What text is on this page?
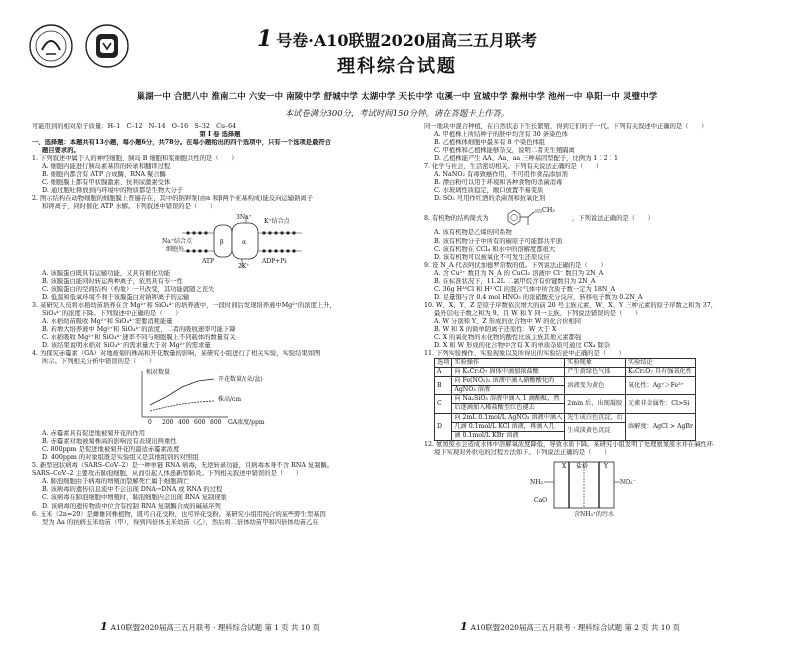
1 号卷·A10联盟2020届高三五月联考
理科综合试题
巢湖一中 合肥八中 淮南二中 六安一中 南陵中学 舒城中学 太湖中学 天长中学 屯溪一中 宣城中学 滁州中学 池州一中 阜阳一中 灵璧中学
本试卷满分300分，考试时间150分钟。请在答题卡上作答。

可能用到的相对原子质量：H–1　C–12　N–14　O–16　S–32　Cu–64

第 Ⅰ 卷 选择题

一、选择题：本题共有13小题，每小题6分，共78分。在每小题给出的四个选项中，只有一个选项是最符合

题目要求的。

1. 下列叙述中属于人的神经细胞、胰岛 B 细胞和浆细胞共性的是（　　）

A. 细胞内能进行胰岛素基因的转录和翻译过程

B. 细胞内都含有 ATP 合成酶、RNA 聚合酶

C. 细胞膜上都有甲状腺激素、抗利尿激素受体

D. 通过胞吐释放到内环境中的物质都是生物大分子

2. 图示结构在动物细胞的细胞膜上普遍存在，其中的钠钾泵(由α 和β两个亚基构成)能反向运输钠离子

和钾离子，同时催化 ATP 水解。下列叙述中错误的是（　　）

β	α
3Na⁺
K⁺结合点
Na⁺结合点
细胞外
ATP	ADP+Pi
2K⁺

A. 该膜蛋白既具有运输功能，又具有催化功能

B. 该膜蛋白能同时转运两种离子，依然具有专一性

C. 该膜蛋白的空间结构（构象）一旦改变，其功能就随之丧失

D. 低温和低氧环境不利于该膜蛋白对钠钾离子的运输

3. 某研究人员将水稻幼苗培养在含 Mg²⁺和 SiO₄⁴⁻的培养液中，一段时间后发现培养液中Mg²⁺的浓度上升，

SiO₄⁴⁻的浓度下降。下列叙述中正确的是（　　）

A. 水稻幼苗吸收 Mg²⁺和 SiO₄⁴⁻需要消耗能量

B. 若增大培养液中 Mg²⁺和 SiO₄⁴⁻的浓度，二者的吸收速率可能下降

C. 水稻吸收 Mg²⁺和 SiO₄⁴⁻速率不同与细胞膜上不同载体的数量有关

D. 该结果说明水稻对 SiO₄⁴⁻的需求量大于对 Mg²⁺的需求量

4. 为探究赤霉素（GA）对地被菊的株高和开花数量的影响，某研究小组进行了相关实验，实验结果如图

所示。下列相关分析中错误的是（　　）

相对数量
开花数量/(朵/盆)
株高/cm
0 200 400 600 800 GA浓度/ppm

A. 赤霉素具有促进地被菊开花的作用

B. 赤霉素对地被菊株高的影响没有表现出两重性

C. 800ppm 是促进地被菊开花的最适赤霉素浓度

D. 400ppm 的对象组既是实验组又是其他组别的对照组

5. 新型冠状病毒（SARS–CoV–2）是一种单链 RNA 病毒，无逆转录功能，且病毒本身不含 RNA 复制酶。

SARS–CoV–2 主要攻击肺泡细胞，从而引起人体患新型肺炎。下列相关叙述中错误的是（　　）

A. 肺泡细胞由于病毒的增殖而裂解死亡属于细胞凋亡

B. 该病毒的遗传信息流中不会出现 DNA→DNA 或 RNA 的过程

C. 该病毒在肺泡细胞中增殖时，肺泡细胞内会出现 RNA 复制现象

D. 该病毒的遗传物质中位含有控制 RNA 复制酶合成的碱基序列

6. 玉米（2n=20）是雌雄同株植物，既可自花受粉，也可异花受粉。某研究小组用纯合的某些野生型基因

型为 Aa 的抗病玉米幼苗（甲），得到四倍体玉米幼苗（乙），然后将二倍体幼苗甲和四倍体幼苗乙在

同一地块中混合种植，在自然状态下生长繁殖，得到它们的子一代。下列有关叙述中正确的是（　　）

A. 甲植株上所结种子的胚中均含有 30 条染色体

B. 乙植株体细胞中最多有 8 个染色体组

C. 甲植株和乙植株能够杂交，说明二者无生殖隔离

D. 乙植株能产生 AA、Aa、aa 三种基因型配子，比例为 1︰2︰1

7. 化学与社会、生活密切相关。下列有关说法正确的是（　　）

A. NaNO₂ 有毒致癌作用，不可用作食品添加剂

B. 漂白粉可以用于环境和各种食物的杀菌消毒

C. 水玻璃性质稳定，敞口放置不易变质

D. SO₂ 可用作红酒的杀菌剂和抗氧化剂

8. 有机物的结构简式为
CH₃
，下列说法正确的是（　　）

A. 该有机物是乙烯的同系物

B. 该有机物分子中所有的碳原子可能都共平面

C. 该有机物在 CCl₄ 和水中的溶解度都很大

D. 该有机物可以被氧化不可发生还原反应

9. 设 N_A 代表阿伏加德罗常数的值。下列说法正确的是（　　）

A. 含 Cu²⁺ 数目为 N_A 的 CuCl₂ 溶液中 Cl⁻ 数目为 2N_A

B. 在标准状况下，11.2L 二氯甲烷含有价键数目为 2N_A

C. 36g H³⁵Cl 和 H³⁷Cl 的混合气体中所含质子数一定为 18N_A

D. 足量铜与含 0.4 mol HNO₃ 的浓硝酸充分反应，转移电子数为 0.2N_A

10. W、X、Y、Z 是原子序数依次增大的前 20 号主族元素，W、X、Y 三种元素的原子序数之和为 37，

最外层电子数之和为 9。且 W 和 Y 同一主族。下列说法错误的是（　　）

A. W 分别和 Y、Z 形成的化合物中 W 的化合价相同

B. W 和 X 的简单阴离子还原性：W 大于 X

C. X 的氧化物的水化物的酸性比该主族其他元素都强

D. X 和 W 形成的化合物中含有 X 的单质杂质可通过 CX₄ 除杂

11. 下列实验操作、实验现象以及所得出的实验结论中正确的是（　　）

选项	实验操作	实验现象	实验结论
A	向 K₂Cr₂O₇ 固体中滴加浓盐酸	产生黄绿色气体	K₂Cr₂O₇ 具有强氧化性
B	向 Fe(NO₃)₂ 溶液中滴入硝酸酸化的	溶液变为黄色	氧化性：Ag⁺＞Fe³⁺
	AgNO₃ 溶液		
C	向 Na₂SiO₃ 溶液中滴入 1 滴酚酞，然	2min 后，出现凝胶	元素非金属性：Cl>Si
	后逐滴加入稀盐酸至红色褪去		
D	向 2mL 0.1mol/L AgNO₃ 溶液中滴入	先生成白色沉淀，后	溶解度：AgCl > AgBr
	几滴 0.1mol/L KCl 溶液，再滴入几	生成淡黄色沉淀	
	滴 0.1mol/L KBr 溶液		

12. 氨氮废水会造成水体中溶解氧浓度降低，导致水质下降。某研究小组发明了处理氨氮废水并在碱性环

境下实现对外供电的过程方法如下。下列说法正确的是（　　）

X	Y
盐桥
NH₃	NO₃⁻
CaO
含NH₃⁺的污水
1 A10联盟2020届高三五月联考 · 理科综合试题 第 1 页 共 10 页	1 A10联盟2020届高三五月联考 · 理科综合试题 第 2 页 共 10 页
